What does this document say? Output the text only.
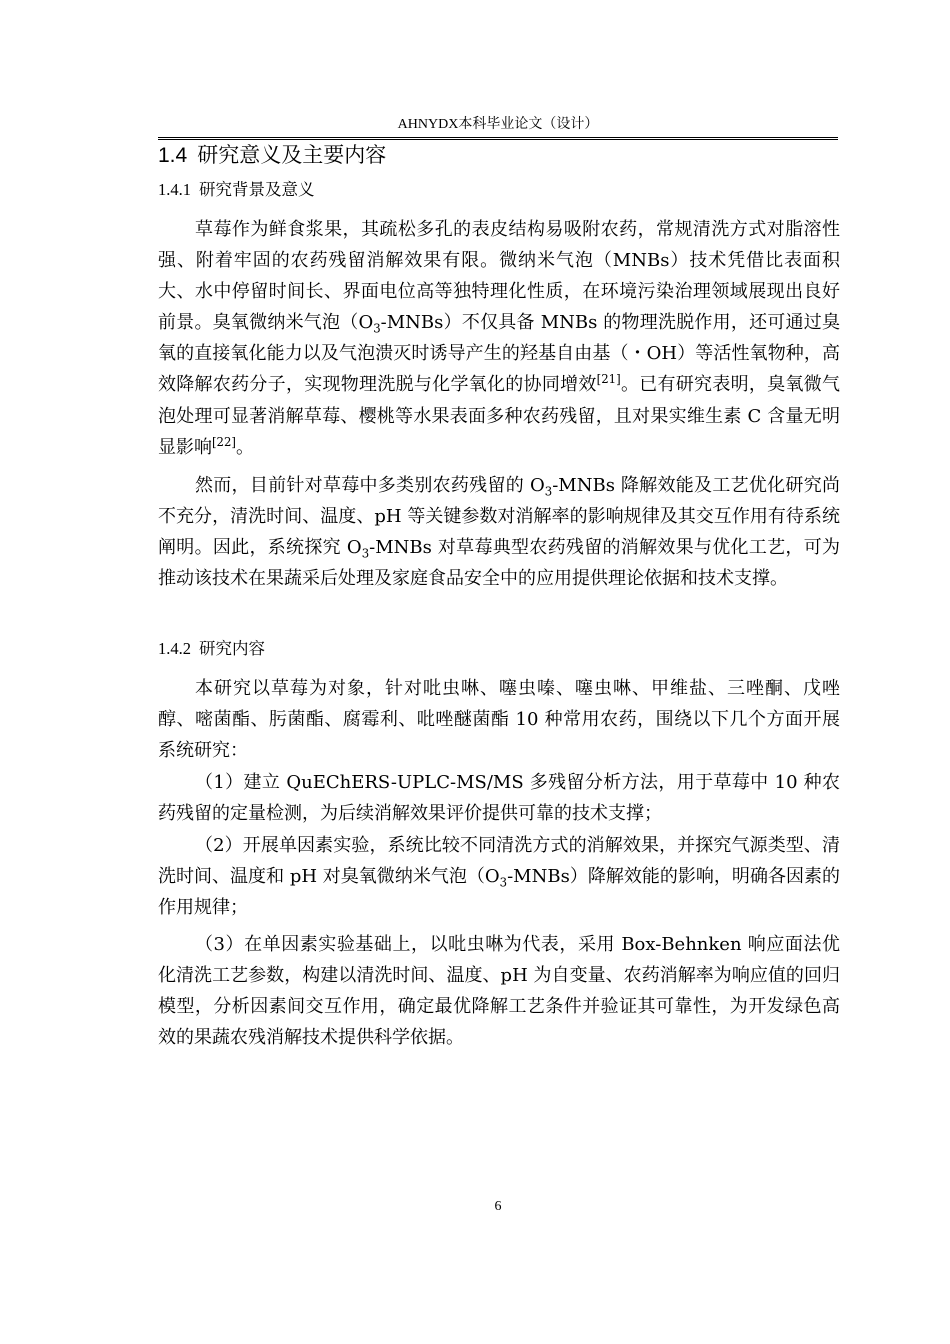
AHNYDX本科毕业论文（设计）
1.4 研究意义及主要内容
1.4.1 研究背景及意义

草莓作为鲜食浆果，其疏松多孔的表皮结构易吸附农药，常规清洗方式对脂溶性强、附着牢固的农药残留消解效果有限。微纳米气泡（MNBs）技术凭借比表面积大、水中停留时间长、界面电位高等独特理化性质，在环境污染治理领域展现出良好前景。臭氧微纳米气泡$(O_3-MNBs)$不仅具备 MNBs 的物理洗脱作用，还可通过臭氧的直接氧化能力以及气泡溃灭时诱导产生的羟基自由基（・OH）等活性氧物种，高效降解农药分子，实现物理洗脱与化学氧化的协同增效[21]。已有研究表明，臭氧微气泡处理可显著消解草莓、樱桃等水果表面多种农药残留，且对果实维生素 C 含量无明显影响[22]。

然而，目前针对草莓中多类别农药残留的 $O_3$-MNBs 降解效能及工艺优化研究尚不充分，清洗时间、温度、pH 等关键参数对消解率的影响规律及其交互作用有待系统阐明。因此，系统探究 $O_3$-MNBs 对草莓典型农药残留的消解效果与优化工艺，可为推动该技术在果蔬采后处理及家庭食品安全中的应用提供理论依据和技术支撑。

1.4.2 研究内容

本研究以草莓为对象，针对吡虫啉、噻虫嗪、噻虫啉、甲维盐、三唑酮、戊唑醇、嘧菌酯、肟菌酯、腐霉利、吡唑醚菌酯 10 种常用农药，围绕以下几个方面开展系统研究：

（1）建立 QuEChERS-UPLC-MS/MS 多残留分析方法，用于草莓中 10 种农药残留的定量检测，为后续消解效果评价提供可靠的技术支撑；

（2）开展单因素实验，系统比较不同清洗方式的消解效果，并探究气源类型、清洗时间、温度和 pH 对臭氧微纳米气泡$(O_3-MNBs)$降解效能的影响，明确各因素的作用规律；

（3）在单因素实验基础上，以吡虫啉为代表，采用 Box-Behnken 响应面法优化清洗工艺参数，构建以清洗时间、温度、pH 为自变量、农药消解率为响应值的回归模型，分析因素间交互作用，确定最优降解工艺条件并验证其可靠性，为开发绿色高效的果蔬农残消解技术提供科学依据。

6
